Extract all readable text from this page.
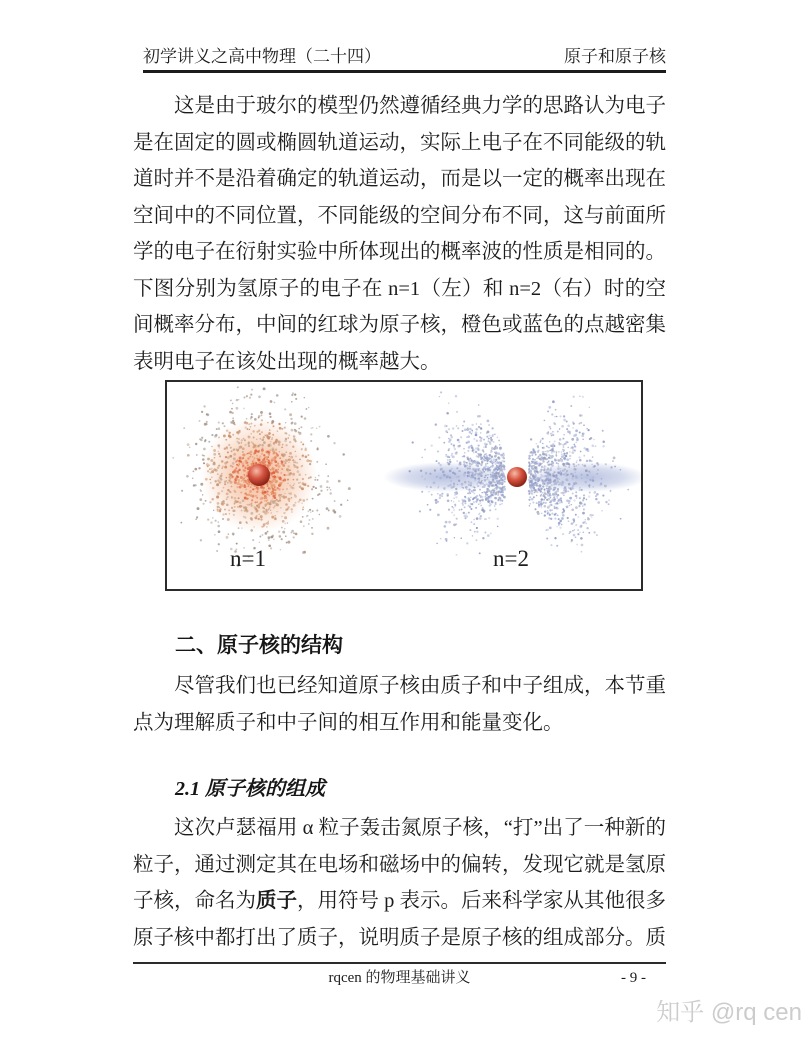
初学讲义之高中物理（二十四）	原子和原子核

这是由于玻尔的模型仍然遵循经典力学的思路认为电子是在固定的圆或椭圆轨道运动，实际上电子在不同能级的轨道时并不是沿着确定的轨道运动，而是以一定的概率出现在空间中的不同位置，不同能级的空间分布不同，这与前面所学的电子在衍射实验中所体现出的概率波的性质是相同的。下图分别为氢原子的电子在 n=1（左）和 n=2（右）时的空间概率分布，中间的红球为原子核，橙色或蓝色的点越密集表明电子在该处出现的概率越大。

n=1	n=2
二、原子核的结构

尽管我们也已经知道原子核由质子和中子组成，本节重点为理解质子和中子间的相互作用和能量变化。

2.1 原子核的组成

这次卢瑟福用 α 粒子轰击氮原子核，“打”出了一种新的粒子，通过测定其在电场和磁场中的偏转，发现它就是氢原子核，命名为质子，用符号 p 表示。后来科学家从其他很多原子核中都打出了质子，说明质子是原子核的组成部分。质

rqcen 的物理基础讲义	- 9 -
知乎 @rq cen
